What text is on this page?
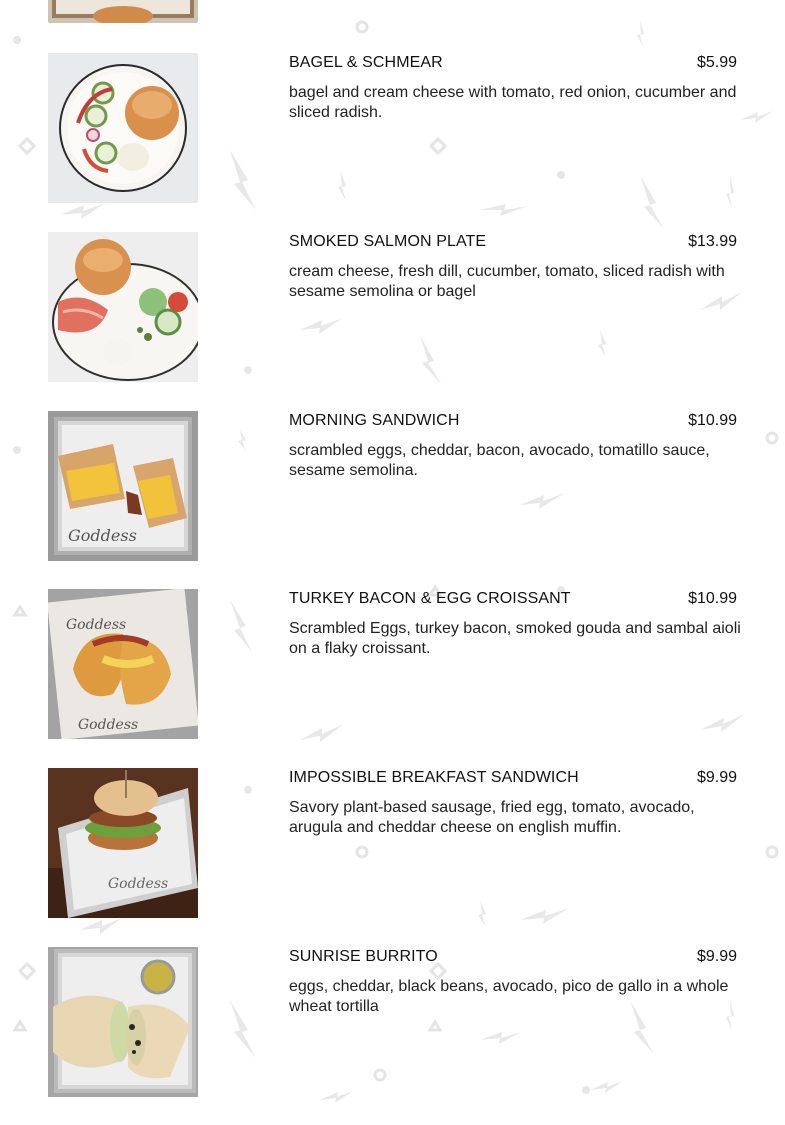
BAGEL & SCHMEAR	$5.99
bagel and cream cheese with tomato, red onion, cucumber and sliced radish.
SMOKED SALMON PLATE	$13.99
cream cheese, fresh dill, cucumber, tomato, sliced radish with sesame semolina or bagel
Goddess
MORNING SANDWICH	$10.99
scrambled eggs, cheddar, bacon, avocado, tomatillo sauce, sesame semolina.
Goddess
Goddess
TURKEY BACON & EGG CROISSANT	$10.99
Scrambled Eggs, turkey bacon, smoked gouda and sambal aioli on a flaky croissant.
Goddess
IMPOSSIBLE BREAKFAST SANDWICH	$9.99
Savory plant-based sausage, fried egg, tomato, avocado, arugula and cheddar cheese on english muffin.
SUNRISE BURRITO	$9.99
eggs, cheddar, black beans, avocado, pico de gallo in a whole wheat tortilla
